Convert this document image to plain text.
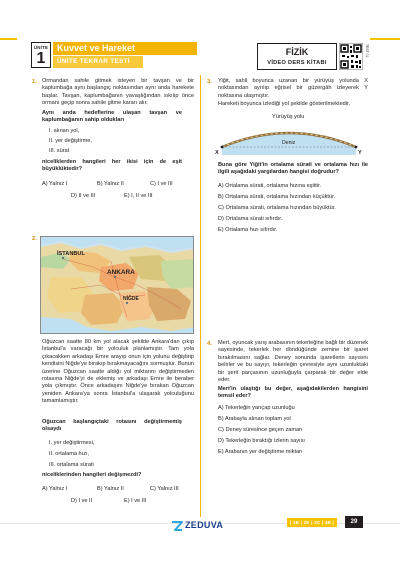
ÜNİTE
1
Kuvvet ve Hareket
ÜNİTE TEKRAR TESTİ
FİZİK
VİDEO DERS KİTABI
TEST 01
1. Ormandan sahile gitmek isteyen bir tavşan ve bir kaplumbağa aynı başlangıç noktasından aynı anda harekete başlar. Tavşan, kaplumbağanın yavaşlığından sıkılıp önce ormanı geçip sonra sahile gitme kararı alır.
Aynı anda hedeflerine ulaşan tavşan ve kaplumbağanın sahip oldukları
I. alınan yol,
II. yer değiştirme,
III. sürat
niceliklerden hangileri her ikisi için de eşit büyüklüktedir?
A) Yalnız I	B) Yalnız II	C) I ve III
D) II ve III	E) I, II ve III
2.
İSTANBUL
ANKARA
NİĞDE
Oğuzcan saatte 80 km yol alacak şekilde Ankara'dan çıkıp İstanbul'a varacağı bir yolculuk planlamıştır. Tam yola çıkacakken arkadaşı Emre arayıp onun için yolunu değiştirip kendisini Niğde'ye bırakıp bırakmayacağını sormuştur. Bunun üzerine Oğuzcan saatte aldığı yol miktarını değiştirmeden rotasına Niğde'yi de eklemiş ve arkadaşı Emre ile beraber yola çıkmıştır. Önce arkadaşını Niğde'ye bırakan Oğuzcan yeniden Ankara'ya sonra İstanbul'a ulaşarak yolculuğunu tamamlamıştır.
Oğuzcan başlangıçtaki rotasını değiştirmemiş olsaydı
I. yer değiştirmesi,
II. ortalama hızı,
III. ortalama sürati
niceliklerinden hangileri değişmezdi?
A) Yalnız I	B) Yalnız II	C) Yalnız III
D) I ve II	E) I ve III
3. Yiğit, sahil boyunca uzanan bir yürüyüş yolunda X noktasından ayrılıp eğrisel bir güzergâh izleyerek Y noktasına ulaşmıştır.
Hareketi boyunca izlediği yol şekilde gösterilmektedir.
Yürüyüş yolu
Deniz
X	Y
Buna göre Yiğit'in ortalama sürati ve ortalama hızı ile ilgili aşağıdaki yargılardan hangisi doğrudur?
A) Ortalama sürati, ortalama hızına eşittir.
B) Ortalama sürati, ortalama hızından küçüktür.
C) Ortalama sürati, ortalama hızından büyüktür.
D) Ortalama sürati sıfırdır.
E) Ortalama hızı sıfırdır.
4. Mert, oyuncak yarış arabasının tekerleğine bağlı bir düzenek sayesinde, tekerlek her döndüğünde zemine bir işaret bırakılmasını sağlar. Deney sonunda işaretlerin sayısını belirler ve bu sayıyı, tekerleğin çevresiyle aynı uzunluktaki bir şerit parçasının uzunluğuyla çarparak bir değer elde eder.
Mert'in ulaştığı bu değer, aşağıdakilerden hangisini temsil eder?
A) Tekerleğin yarıçap uzunluğu
B) Arabayla alınan toplam yol
C) Deney süresince geçen zaman
D) Tekerleğin bıraktığı izlerin sayısı
E) Arabanın yer değiştirme miktarı
ZEDUVA	| 1B | 2E | 3C | 4B |	29
